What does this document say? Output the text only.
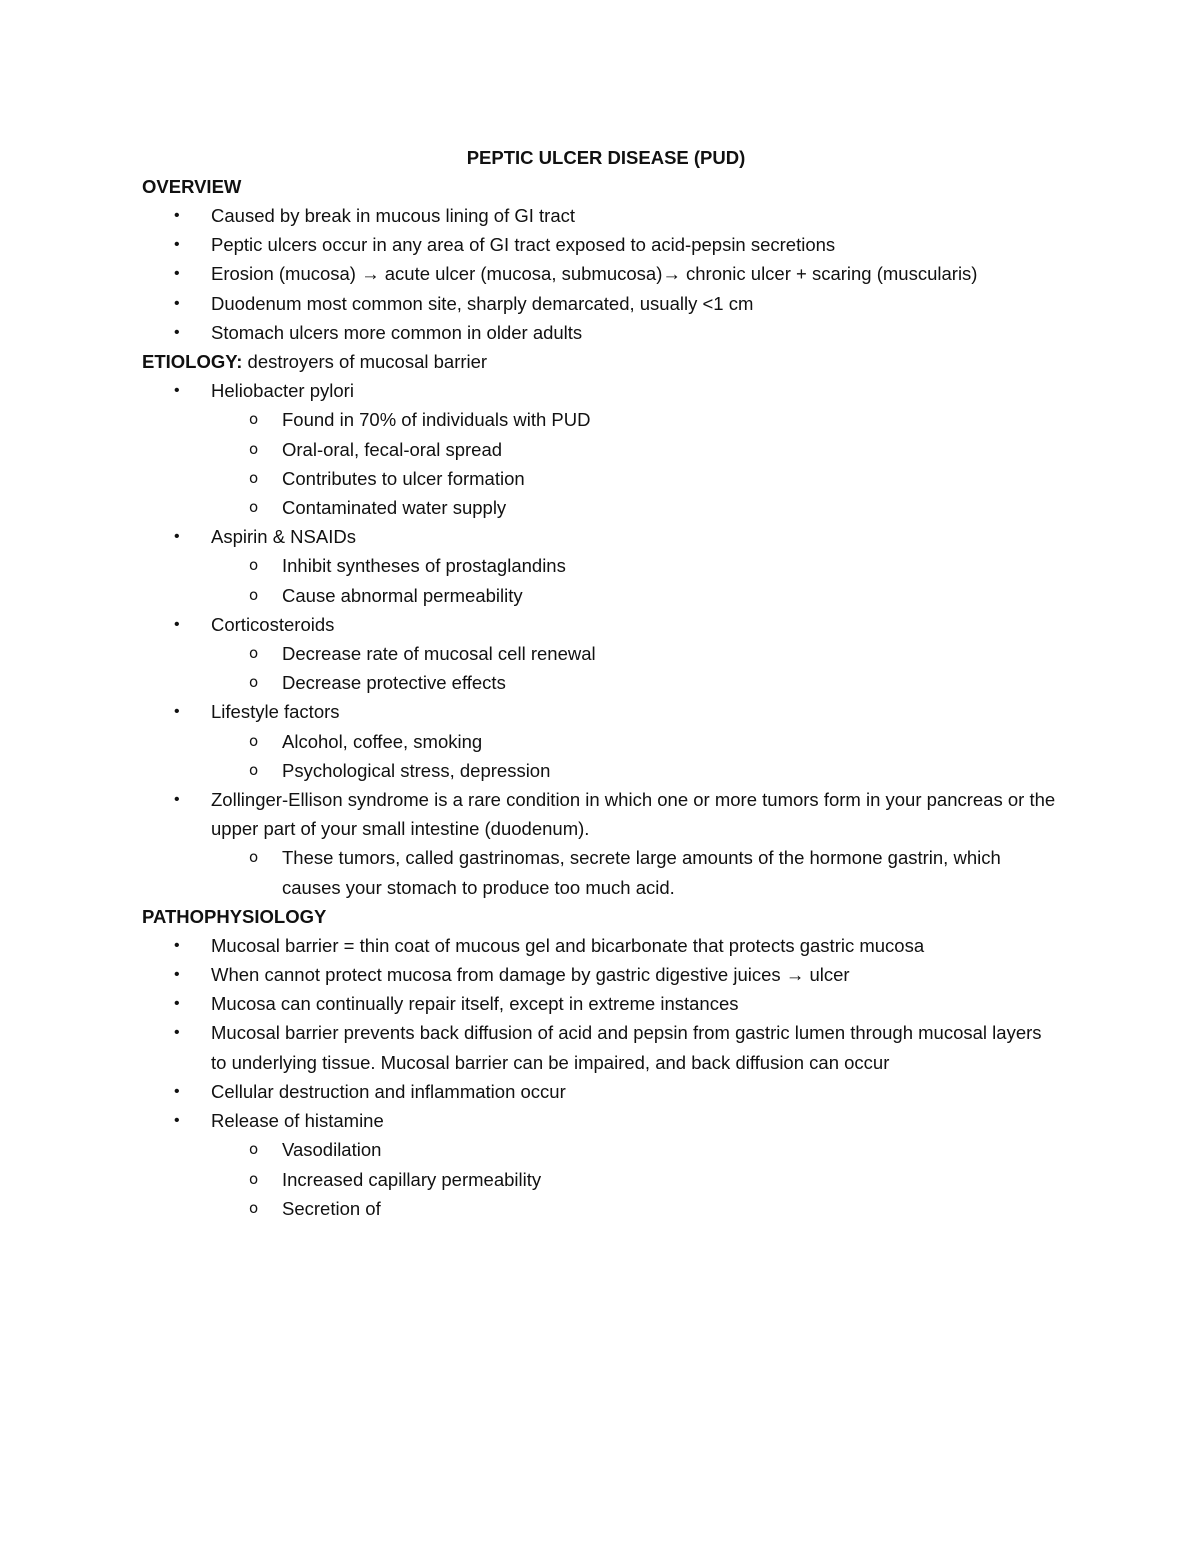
PEPTIC ULCER DISEASE (PUD)
OVERVIEW
• Caused by break in mucous lining of GI tract
• Peptic ulcers occur in any area of GI tract exposed to acid-pepsin secretions
• Erosion (mucosa) → acute ulcer (mucosa, submucosa)→ chronic ulcer + scaring (muscularis)
• Duodenum most common site, sharply demarcated, usually <1 cm
• Stomach ulcers more common in older adults
ETIOLOGY: destroyers of mucosal barrier
• Heliobacter pylori
o Found in 70% of individuals with PUD
o Oral-oral, fecal-oral spread
o Contributes to ulcer formation
o Contaminated water supply
• Aspirin & NSAIDs
o Inhibit syntheses of prostaglandins
o Cause abnormal permeability
• Corticosteroids
o Decrease rate of mucosal cell renewal
o Decrease protective effects
• Lifestyle factors
o Alcohol, coffee, smoking
o Psychological stress, depression
• Zollinger-Ellison syndrome is a rare condition in which one or more tumors form in your pancreas or the upper part of your small intestine (duodenum).
o These tumors, called gastrinomas, secrete large amounts of the hormone gastrin, which causes your stomach to produce too much acid.
PATHOPHYSIOLOGY
• Mucosal barrier = thin coat of mucous gel and bicarbonate that protects gastric mucosa
• When cannot protect mucosa from damage by gastric digestive juices → ulcer
• Mucosa can continually repair itself, except in extreme instances
• Mucosal barrier prevents back diffusion of acid and pepsin from gastric lumen through mucosal layers to underlying tissue. Mucosal barrier can be impaired, and back diffusion can occur
• Cellular destruction and inflammation occur
• Release of histamine
o Vasodilation
o Increased capillary permeability
o Secretion of
